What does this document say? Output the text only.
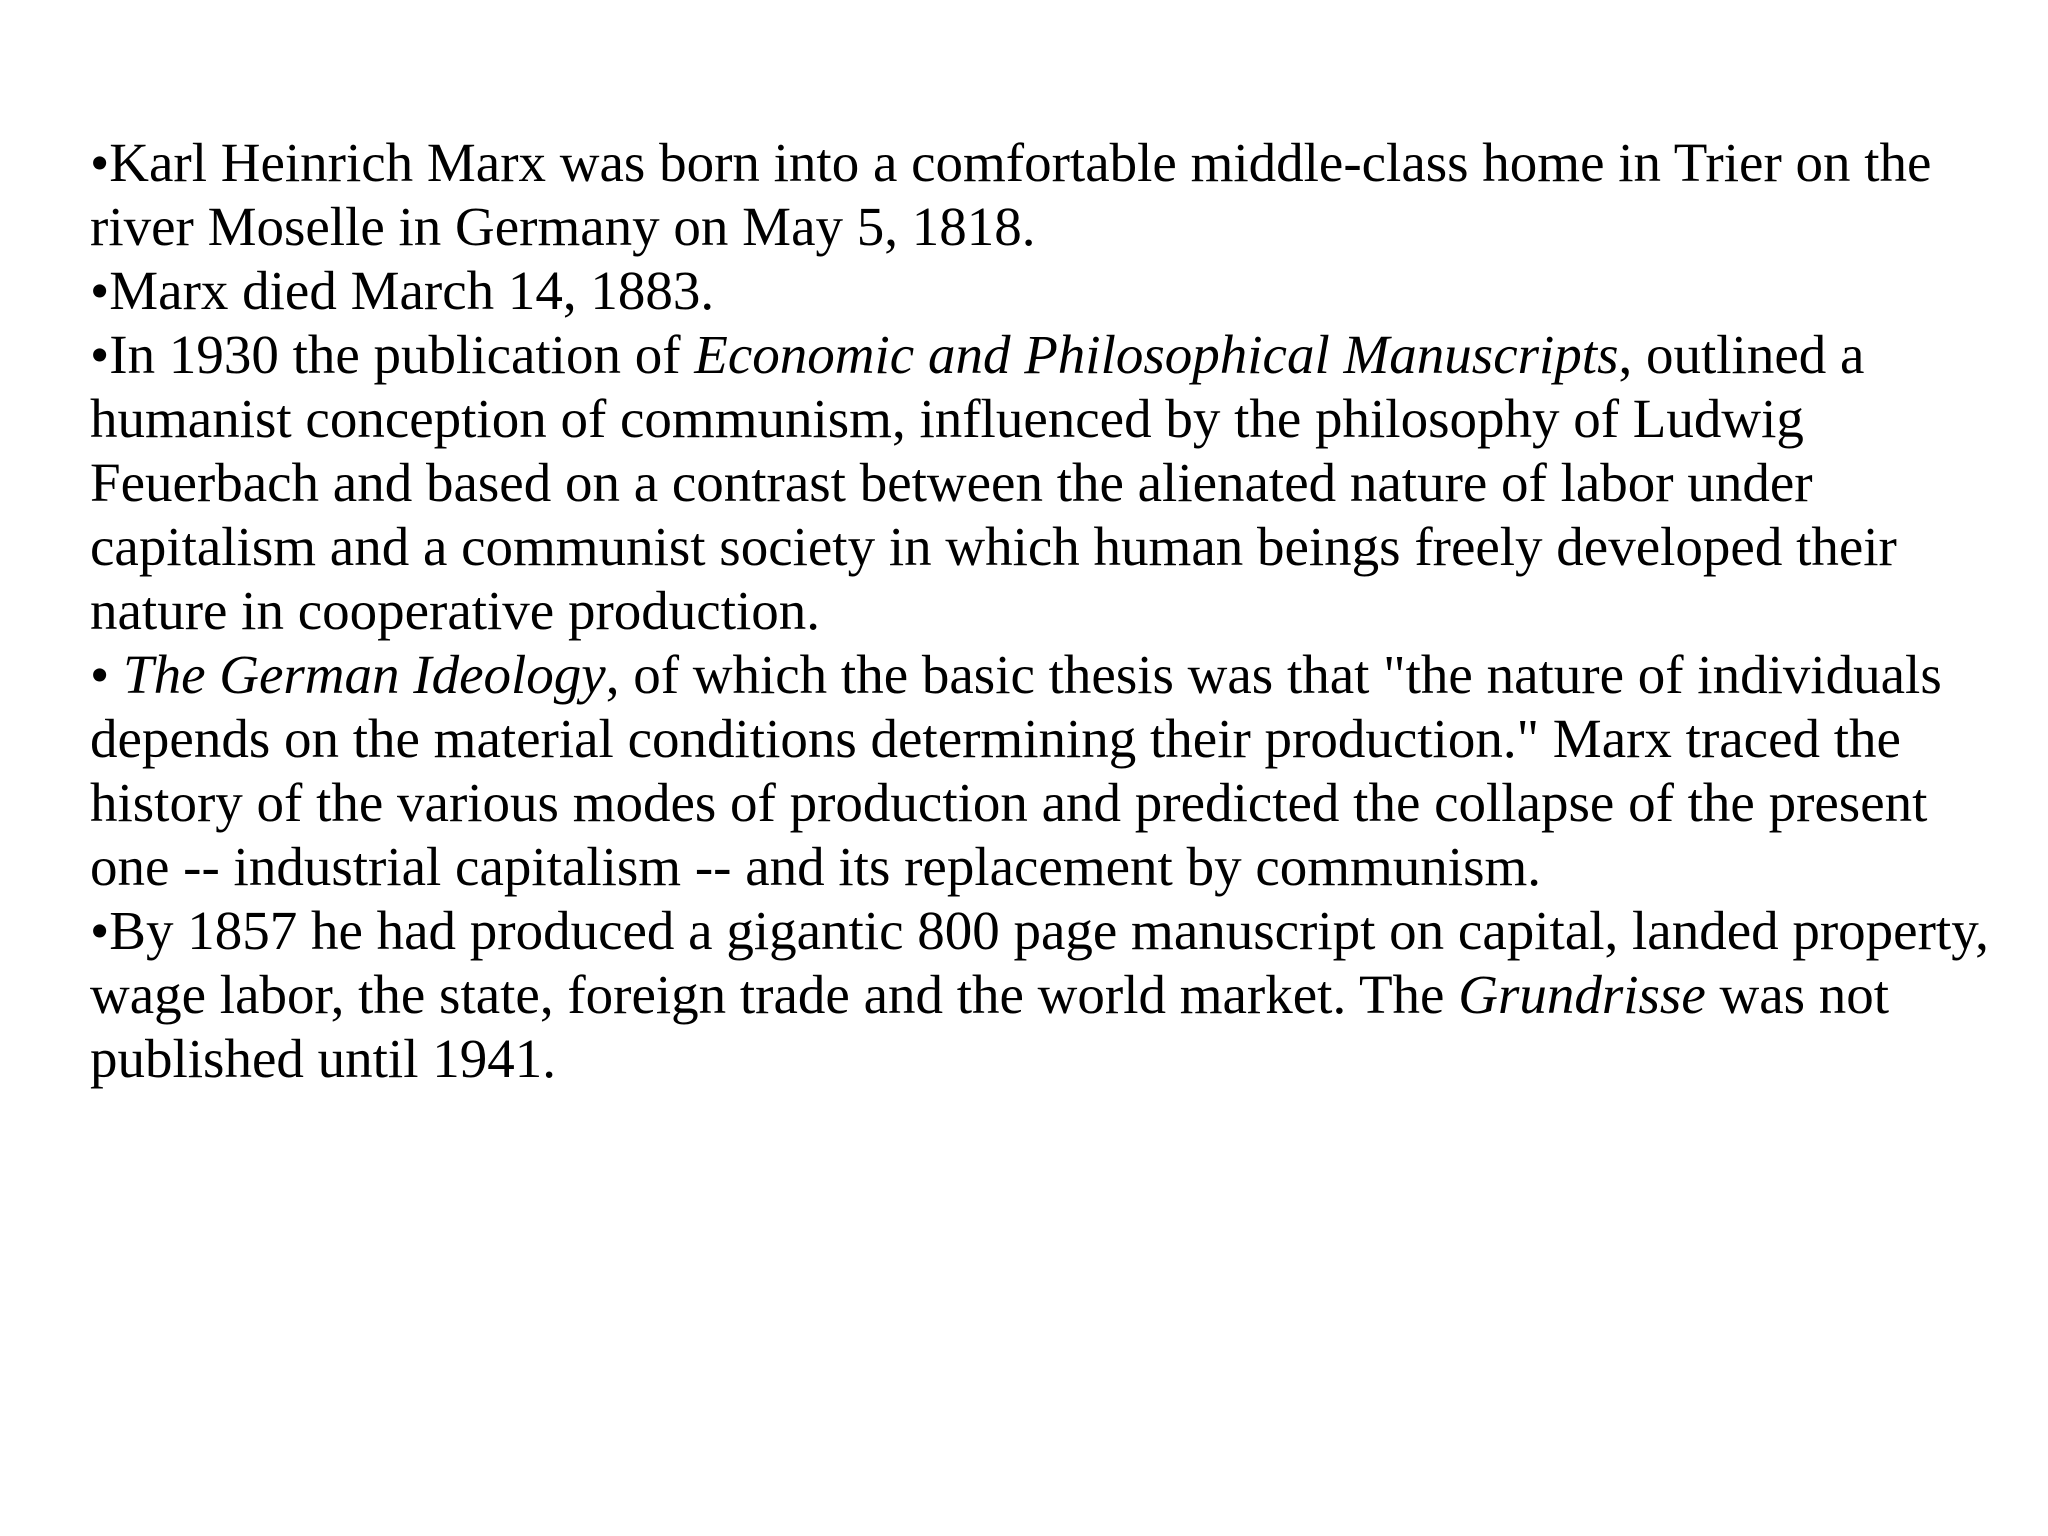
•Karl Heinrich Marx was born into a comfortable middle-class home in Trier on the river Moselle in Germany on May 5, 1818.
•Marx died March 14, 1883.
•In 1930 the publication of Economic and Philosophical Manuscripts, outlined a humanist conception of communism, influenced by the philosophy of Ludwig Feuerbach and based on a contrast between the alienated nature of labor under capitalism and a communist society in which human beings freely developed their nature in cooperative production.
• The German Ideology, of which the basic thesis was that "the nature of individuals depends on the material conditions determining their production." Marx traced the history of the various modes of production and predicted the collapse of the present one -- industrial capitalism -- and its replacement by communism.
•By 1857 he had produced a gigantic 800 page manuscript on capital, landed property, wage labor, the state, foreign trade and the world market. The Grundrisse was not published until 1941.
